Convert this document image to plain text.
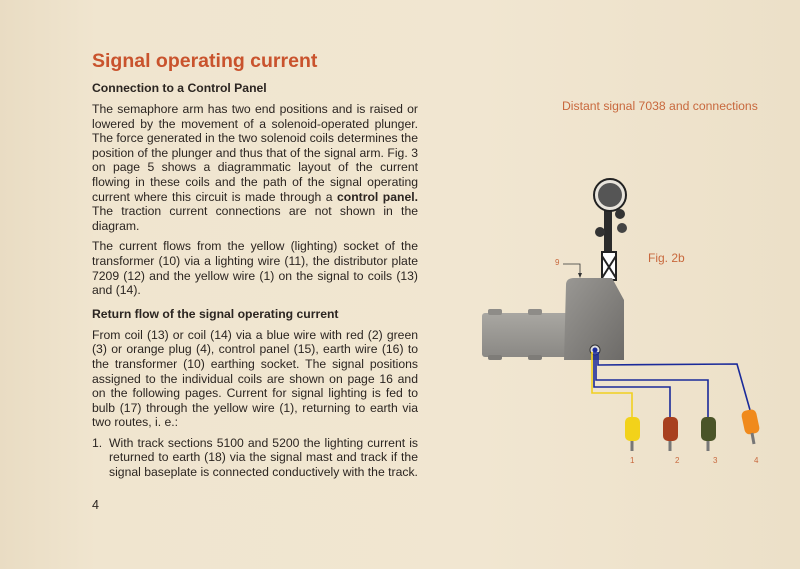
Signal operating current
Connection to a Control Panel
The semaphore arm has two end positions and is raised or lowered by the movement of a solenoid-operated plunger. The force generated in the two solenoid coils determines the position of the plunger and thus that of the signal arm. Fig. 3 on page 5 shows a diagrammatic layout of the current flowing in these coils and the path of the signal operating current where this circuit is made through a control panel. The traction current connections are not shown in the diagram.
The current flows from the yellow (lighting) socket of the transformer (10) via a lighting wire (11), the distributor plate 7209 (12) and the yellow wire (1) on the signal to coils (13) and (14).
Return flow of the signal operating current
From coil (13) or coil (14) via a blue wire with red (2) green (3) or orange plug (4), control panel (15), earth wire (16) to the transformer (10) earthing socket. The signal positions assigned to the individual coils are shown on page 16 and on the following pages. Current for signal lighting is fed to bulb (17) through the yellow wire (1), returning to earth via two routes, i. e.:
1. With track sections 5100 and 5200 the lighting current is returned to earth (18) via the signal mast and track if the signal baseplate is connected conductively with the track.
4
Distant signal 7038 and connections
Fig. 2b
9
1	2	3	4
